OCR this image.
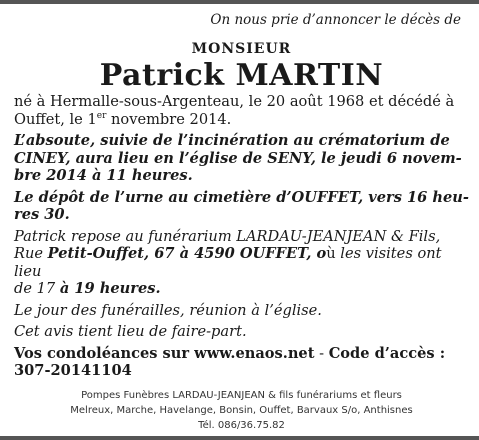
On nous prie d’annoncer le décès de
MONSIEUR
Patrick MARTIN

né à Hermalle-sous-Argenteau, le 20 août 1968 et décédé à
Ouffet, le 1er novembre 2014.

L’absoute, suivie de l’incinération au crématorium de
CINEY, aura lieu en l’église de SENY, le jeudi 6 novem-
bre 2014 à 11 heures.

Le dépôt de l’urne au cimetière d’OUFFET, vers 16 heu-
res 30.

Patrick repose au funérarium LARDAU-JEANJEAN & Fils,
Rue Petit-Ouffet, 67 à 4590 OUFFET, où les visites ont lieu
de 17 à 19 heures.

Le jour des funérailles, réunion à l’église.

Cet avis tient lieu de faire-part.

Vos condoléances sur www.enaos.net - Code d’accès :
307-20141104

Pompes Funèbres LARDAU-JEANJEAN & fils funérariums et fleurs
Melreux, Marche, Havelange, Bonsin, Ouffet, Barvaux S/o, Anthisnes
Tél. 086/36.75.82
